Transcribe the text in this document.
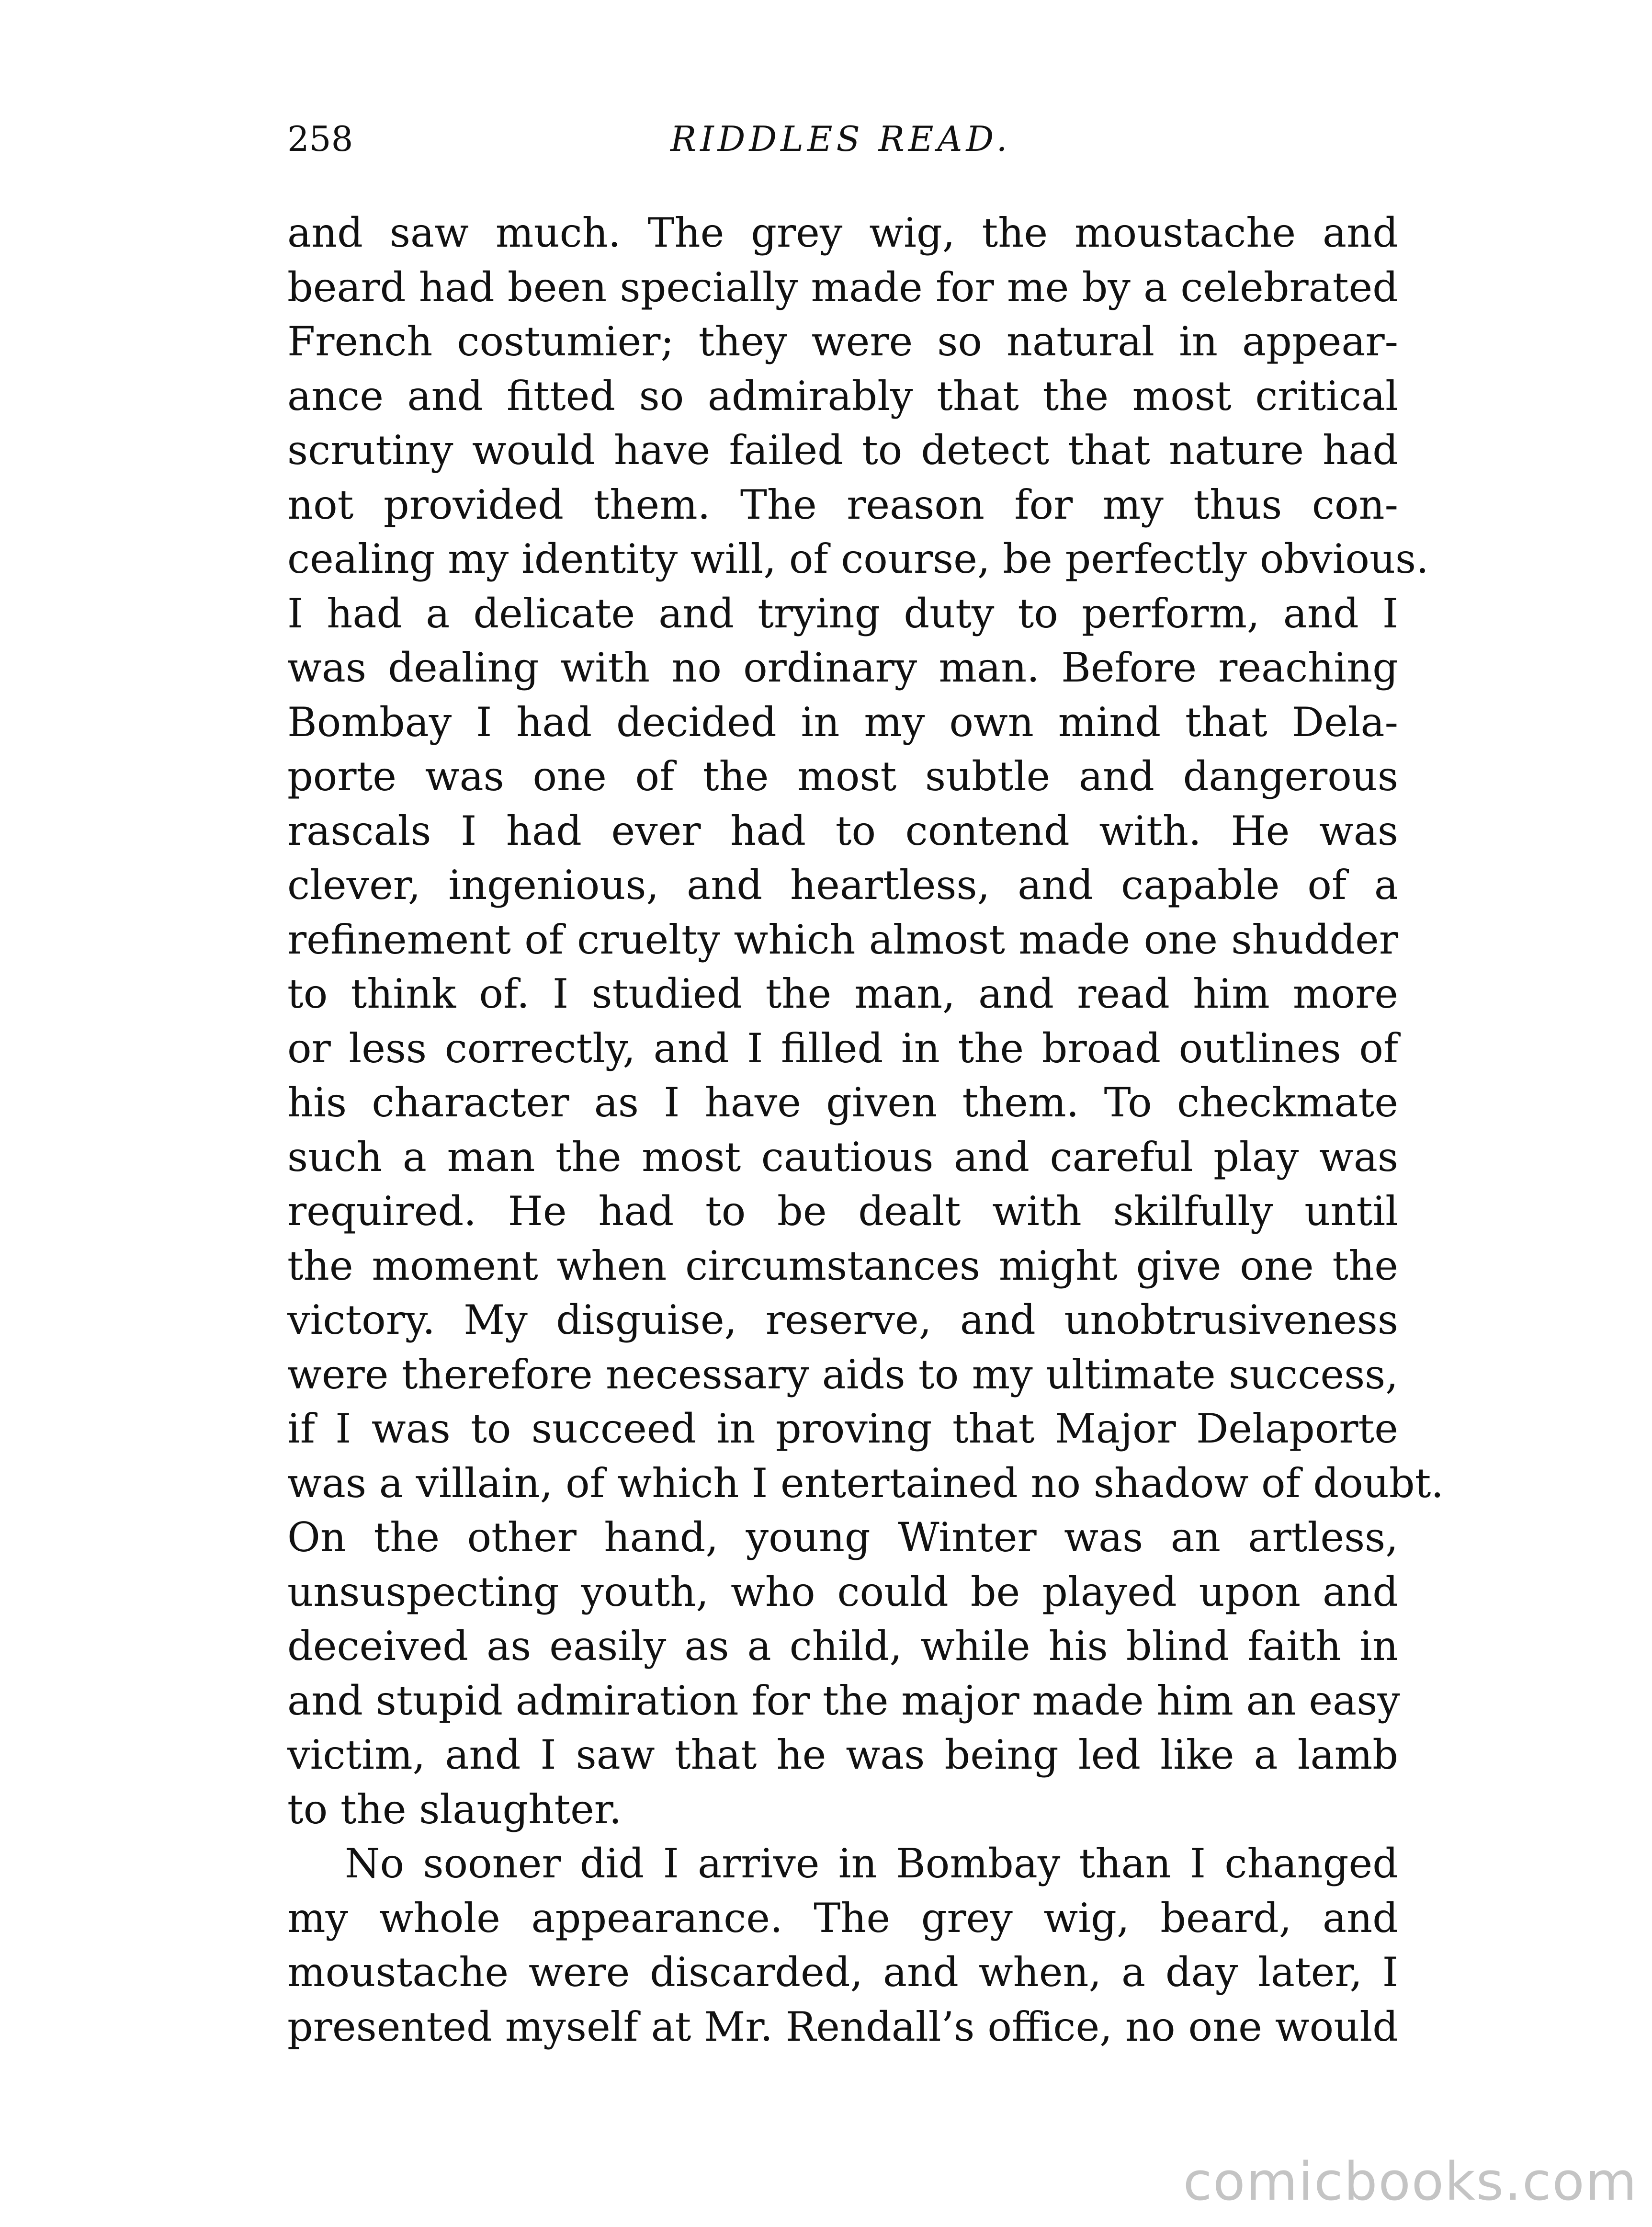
258	RIDDLES READ.
and saw much. The grey wig, the moustache and
beard had been specially made for me by a celebrated
French costumier; they were so natural in appear-
ance and fitted so admirably that the most critical
scrutiny would have failed to detect that nature had
not provided them. The reason for my thus con-
cealing my identity will, of course, be perfectly obvious.
I had a delicate and trying duty to perform, and I
was dealing with no ordinary man. Before reaching
Bombay I had decided in my own mind that Dela-
porte was one of the most subtle and dangerous
rascals I had ever had to contend with. He was
clever, ingenious, and heartless, and capable of a
refinement of cruelty which almost made one shudder
to think of. I studied the man, and read him more
or less correctly, and I filled in the broad outlines of
his character as I have given them. To checkmate
such a man the most cautious and careful play was
required. He had to be dealt with skilfully until
the moment when circumstances might give one the
victory. My disguise, reserve, and unobtrusiveness
were therefore necessary aids to my ultimate success,
if I was to succeed in proving that Major Delaporte
was a villain, of which I entertained no shadow of doubt.
On the other hand, young Winter was an artless,
unsuspecting youth, who could be played upon and
deceived as easily as a child, while his blind faith in
and stupid admiration for the major made him an easy
victim, and I saw that he was being led like a lamb
to the slaughter.
No sooner did I arrive in Bombay than I changed
my whole appearance. The grey wig, beard, and
moustache were discarded, and when, a day later, I
presented myself at Mr. Rendall’s office, no one would
comicbooks.com
